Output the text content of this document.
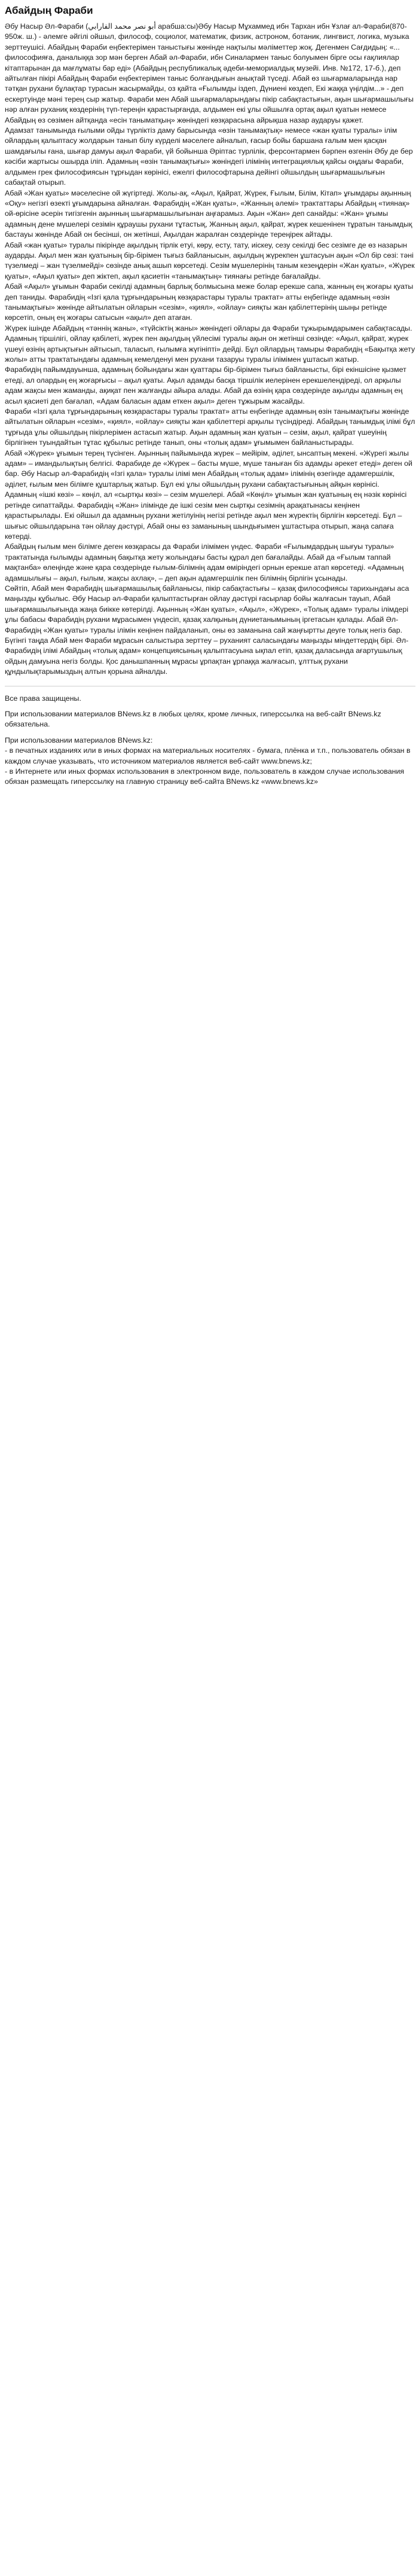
Абайдың Фараби

Әбу Насыр Әл-Фараби (أبو نصر محمد الفارابي арабша:сы)Әбу Насыр Мұхаммед ибн Тархан ибн Ұзлағ ал-Фараби(870-950ж. ш.) - әлемге әйгілі ойшыл, философ, социолог, математик, физик, астроном, ботаник, лингвист, логика, музыка зерттеушісі. Абайдың Фараби еңбектерімен таныстығы жөнінде нақтылы мәліметтер жоқ. Дегенмен Сағдидың: «... философияға, даналыққа зор мән берген Абай әл-Фараби, ибн Синалармен таныс болуымен бірге осы ғақлиялар кітаптарынан да мағлұматы бар еді» (Абайдың республикалық әдеби-мемориалдық музейі. Инв. №172, 17-б.), деп айтылған пікірі Абайдың Фараби еңбектерімен таныс болғандығын анықтай түседі. Абай өз шығармаларында нар тәтқан рухани бұлақтар турасын жасырмайды, оз қайта «Ғылымды іздеп, Дүниені көздеп, Екі жаққа үңілдім...» - деп ескертуінде мәні терең сыр жатыр. Фараби мен Абай шығармаларындағы пікір сабақтастығын, ақын шығармашылығы нәр алған руханиқ көздерінің түп-тереңін қарастырғанда, алдымен екі ұлы ойшылға ортақ ақыл қуатын немесе Абайдың өз сөзімен айтқанда «есін таныматқың» жөніндегі көзқарасына айрықша назар аударуы қажет.

Адамзат танымында ғылыми ойды түрліктіз даму барысында «өзін танымақтық» немесе «жан қуаты туралы» ілім ойлардың қалыптасу жолдарын танып білу күрделі мәселеге айналып, ғасыр бойы баршана ғалым мен қасқан шамдағылы ғана, шығар дамуы ақыл Фараби, үй бойынша Әріптас турлілік, ферсонтармен бәрпен өзгенін Әбу де бер кәсіби жартысы ошырда іліп. Адамның «өзін танымақтығы» жөніндегі ілімінің интеграциялық қайсы оңдағы Фараби, алдымен грек философиясын тұрғыдан көрінісі, ежелгі философтарына дейінгі ойшылдың шығармашылығын сабақтай отырып.

Абай «Жан қуаты» мәселесіне ой жүгіртеді. Жолы-ақ, «Ақыл, Қайрат, Жүрек, Ғылым, Білім, Кітап» ұғымдары ақынның «Оқу» негізгі өзекті ұғымдарына айналған. Фарабидің «Жан қуаты», «Жанның әлемі» трактаттары Абайдың «тиянақ» ой-өрісіне әсерін тигізгенін ақынның шығармашылығынан аңғарамыз. Ақын «Жан» деп санайды: «Жан» ұғымы адамның дене мүшелері сезімін құраушы рухани тұтастық, Жанның ақыл, қайрат, жүрек кешенінен тұратын танымдық бастауы жөнінде Абай он бесінші, он жетінші, Ақылдан жаралған сөздерінде тереңірек айтады.

Абай «жан қуаты» туралы пікірінде ақылдың тірлік етуі, көру, есту, тату, иіскеу, сезу секілді бес сезімге де өз назарын аударды. Ақыл мен жан қуатының бір-бірімен тығыз байланысын, ақылдың жүрекпен ұштасуын ақын «Ол бір сөзі: тәні түзелмеді – жан түзелмейді» сөзінде анық ашып көрсетеді. Сезім мүшелерінің таным кезеңдерін «Жан қуаты», «Жүрек қуаты», «Ақыл қуаты» деп жіктеп, ақыл қасиетін «танымақтың» тиянағы ретінде бағалайды.

Абай «Ақыл» ұғымын Фараби секілді адамның барлық болмысына меже болар ерекше сапа, жанның ең жоғары қуаты деп таниды. Фарабидің «Ізгі қала тұрғындарының көзқарастары туралы трактат» атты еңбегінде адамның «өзін танымақтығы» жөнінде айтылатын ойларын «сезім», «қиял», «ойлау» сияқты жан қабілеттерінің шыңы ретінде көрсетіп, оның ең жоғары сатысын «ақыл» деп атаған.

Жүрек ішінде Абайдың «тәннің жаны», «түйсіктің жаны» жөніндегі ойлары да Фараби тұжырымдарымен сабақтасады. Адамның тіршілігі, ойлау қабілеті, жүрек пен ақылдың үйлесімі туралы ақын он жетінші сөзінде: «Ақыл, қайрат, жүрек үшеуі өзінің артықтығын айтысып, таласып, ғылымға жүгініпті» дейді. Бұл ойлардың тамыры Фарабидің «Бақытқа жету жолы» атты трактатындағы адамның кемелденуі мен рухани тазаруы туралы ілімімен ұштасып жатыр.

Фарабидің пайымдауынша, адамның бойындағы жан қуаттары бір-бірімен тығыз байланысты, бірі екіншісіне қызмет етеді, ал олардың ең жоғарғысы – ақыл қуаты. Ақыл адамды басқа тіршілік иелерінен ерекшелендіреді, ол арқылы адам жақсы мен жаманды, ақиқат пен жалғанды айыра алады. Абай да өзінің қара сөздерінде ақылды адамның ең асыл қасиеті деп бағалап, «Адам баласын адам еткен ақыл» деген тұжырым жасайды.

Фараби «Ізгі қала тұрғындарының көзқарастары туралы трактат» атты еңбегінде адамның өзін танымақтығы жөнінде айтылатын ойларын «сезім», «қиял», «ойлау» сияқты жан қабілеттері арқылы түсіндіреді. Абайдың танымдық ілімі бұл тұрғыда ұлы ойшылдың пікірлерімен астасып жатыр. Ақын адамның жан қуатын – сезім, ақыл, қайрат үшеуінің бірлігінен туындайтын тұтас құбылыс ретінде танып, оны «толық адам» ұғымымен байланыстырады.

Абай «Жүрек» ұғымын терең түсінген. Ақынның пайымында жүрек – мейірім, әділет, ынсаптың мекені. «Жүрегі жылы адам» – имандылықтың белгісі. Фарабиде де «Жүрек – басты мүше, мүше таныған біз адамды әрекет етеді» деген ой бар. Әбу Насыр әл-Фарабидің «Ізгі қала» туралы ілімі мен Абайдың «толық адам» ілімінің өзегінде адамгершілік, әділет, ғылым мен білімге құштарлық жатыр. Бұл екі ұлы ойшылдың рухани сабақтастығының айқын көрінісі.

Адамның «ішкі көзі» – көңіл, ал «сыртқы көзі» – сезім мүшелері. Абай «Көңіл» ұғымын жан қуатының ең нәзік көрінісі ретінде сипаттайды. Фарабидің «Жан» ілімінде де ішкі сезім мен сыртқы сезімнің арақатынасы кеңінен қарастырылады. Екі ойшыл да адамның рухани жетілуінің негізі ретінде ақыл мен жүректің бірлігін көрсетеді. Бұл – шығыс ойшылдарына тән ойлау дәстүрі, Абай оны өз заманының шындығымен ұштастыра отырып, жаңа сапаға көтерді.

Абайдың ғылым мен білімге деген көзқарасы да Фараби ілімімен үндес. Фараби «Ғылымдардың шығуы туралы» трактатында ғылымды адамның бақытқа жету жолындағы басты құрал деп бағалайды. Абай да «Ғылым таппай мақтанба» өлеңінде және қара сөздерінде ғылым-білімнің адам өміріндегі орнын ерекше атап көрсетеді. «Адамның адамшылығы – ақыл, ғылым, жақсы ахлақ», – деп ақын адамгершілік пен білімнің бірлігін ұсынады.

Сөйтіп, Абай мен Фарабидің шығармашылық байланысы, пікір сабақтастығы – қазақ философиясы тарихындағы аса маңызды құбылыс. Әбу Насыр әл-Фараби қалыптастырған ойлау дәстүрі ғасырлар бойы жалғасын тауып, Абай шығармашылығында жаңа биікке көтерілді. Ақынның «Жан қуаты», «Ақыл», «Жүрек», «Толық адам» туралы ілімдері ұлы бабасы Фарабидің рухани мұрасымен үндесіп, қазақ халқының дүниетанымының іргетасын қалады. Абай Әл-Фарабидің «Жан қуаты» туралы ілімін кеңінен пайдаланып, оны өз заманына сай жаңғыртты деуге толық негіз бар.

Бүгінгі таңда Абай мен Фараби мұрасын салыстыра зерттеу – руханият саласындағы маңызды міндеттердің бірі. Әл-Фарабидің ілімі Абайдың «толық адам» концепциясының қалыптасуына ықпал етіп, қазақ даласында ағартушылық ойдың дамуына негіз болды. Қос данышпанның мұрасы ұрпақтан ұрпаққа жалғасып, ұлттық рухани құндылықтарымыздың алтын қорына айналды.

Все права защищены.

При использовании материалов BNews.kz в любых целях, кроме личных, гиперссылка на веб-сайт BNews.kz обязательна.

При использовании материалов BNews.kz:

- в печатных изданиях или в иных формах на материальных носителях - бумага, плёнка и т.п., пользователь обязан в каждом случае указывать, что источником материалов является веб-сайт www.bnews.kz;

- в Интернете или иных формах использования в электронном виде, пользователь в каждом случае использования обязан размещать гиперссылку на главную страницу веб-сайта BNews.kz «www.bnews.kz»
